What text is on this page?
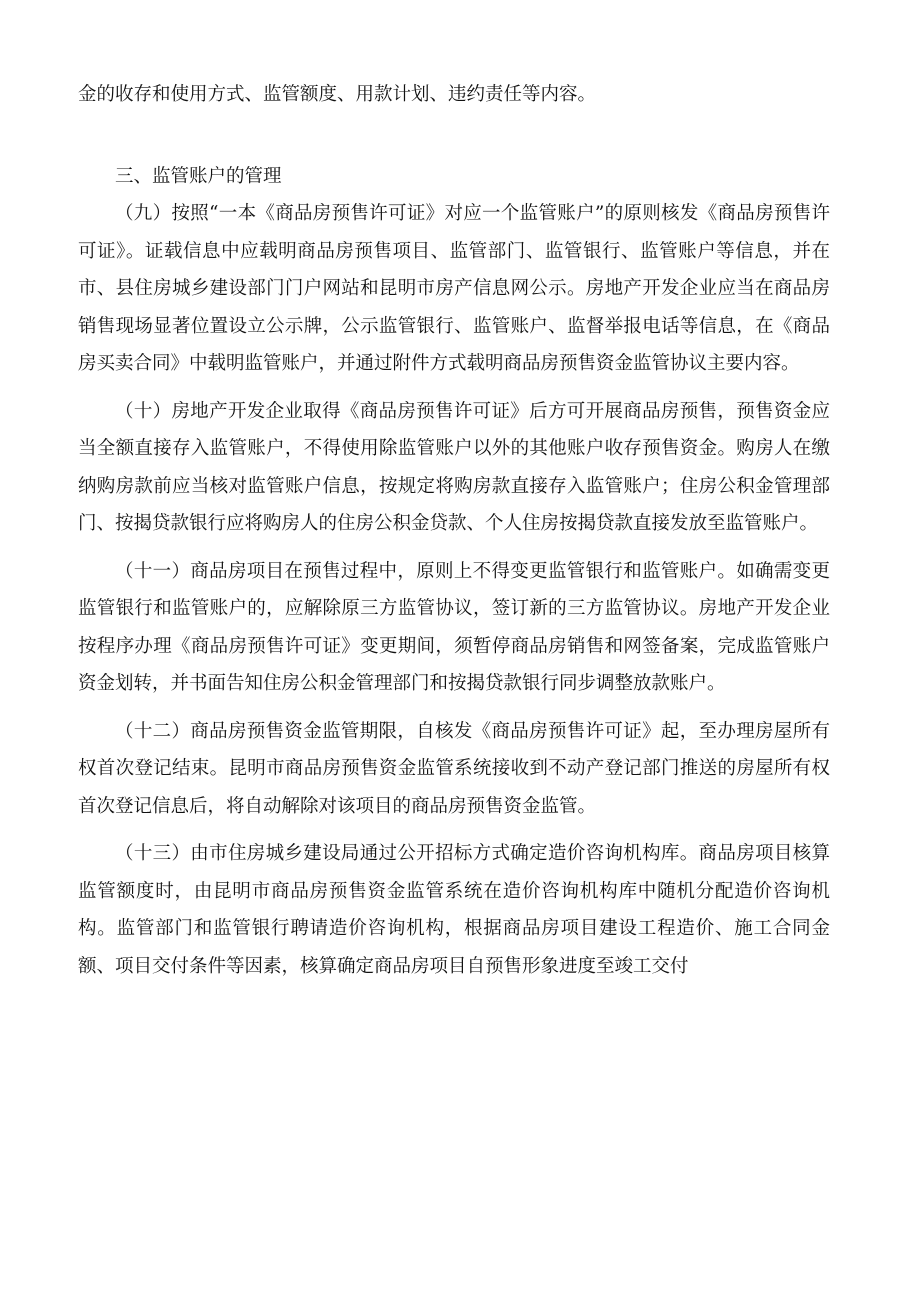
金的收存和使用方式、监管额度、用款计划、违约责任等内容。

三、监管账户的管理

（九）按照“一本《商品房预售许可证》对应一个监管账户”的原则核发《商品房预售许可证》。证载信息中应载明商品房预售项目、监管部门、监管银行、监管账户等信息，并在市、县住房城乡建设部门门户网站和昆明市房产信息网公示。房地产开发企业应当在商品房销售现场显著位置设立公示牌，公示监管银行、监管账户、监督举报电话等信息，在《商品房买卖合同》中载明监管账户，并通过附件方式载明商品房预售资金监管协议主要内容。

（十）房地产开发企业取得《商品房预售许可证》后方可开展商品房预售，预售资金应当全额直接存入监管账户，不得使用除监管账户以外的其他账户收存预售资金。购房人在缴纳购房款前应当核对监管账户信息，按规定将购房款直接存入监管账户；住房公积金管理部门、按揭贷款银行应将购房人的住房公积金贷款、个人住房按揭贷款直接发放至监管账户。

（十一）商品房项目在预售过程中，原则上不得变更监管银行和监管账户。如确需变更监管银行和监管账户的，应解除原三方监管协议，签订新的三方监管协议。房地产开发企业按程序办理《商品房预售许可证》变更期间，须暂停商品房销售和网签备案，完成监管账户资金划转，并书面告知住房公积金管理部门和按揭贷款银行同步调整放款账户。

（十二）商品房预售资金监管期限，自核发《商品房预售许可证》起，至办理房屋所有权首次登记结束。昆明市商品房预售资金监管系统接收到不动产登记部门推送的房屋所有权首次登记信息后，将自动解除对该项目的商品房预售资金监管。

（十三）由市住房城乡建设局通过公开招标方式确定造价咨询机构库。商品房项目核算监管额度时，由昆明市商品房预售资金监管系统在造价咨询机构库中随机分配造价咨询机构。监管部门和监管银行聘请造价咨询机构，根据商品房项目建设工程造价、施工合同金额、项目交付条件等因素，核算确定商品房项目自预售形象进度至竣工交付
